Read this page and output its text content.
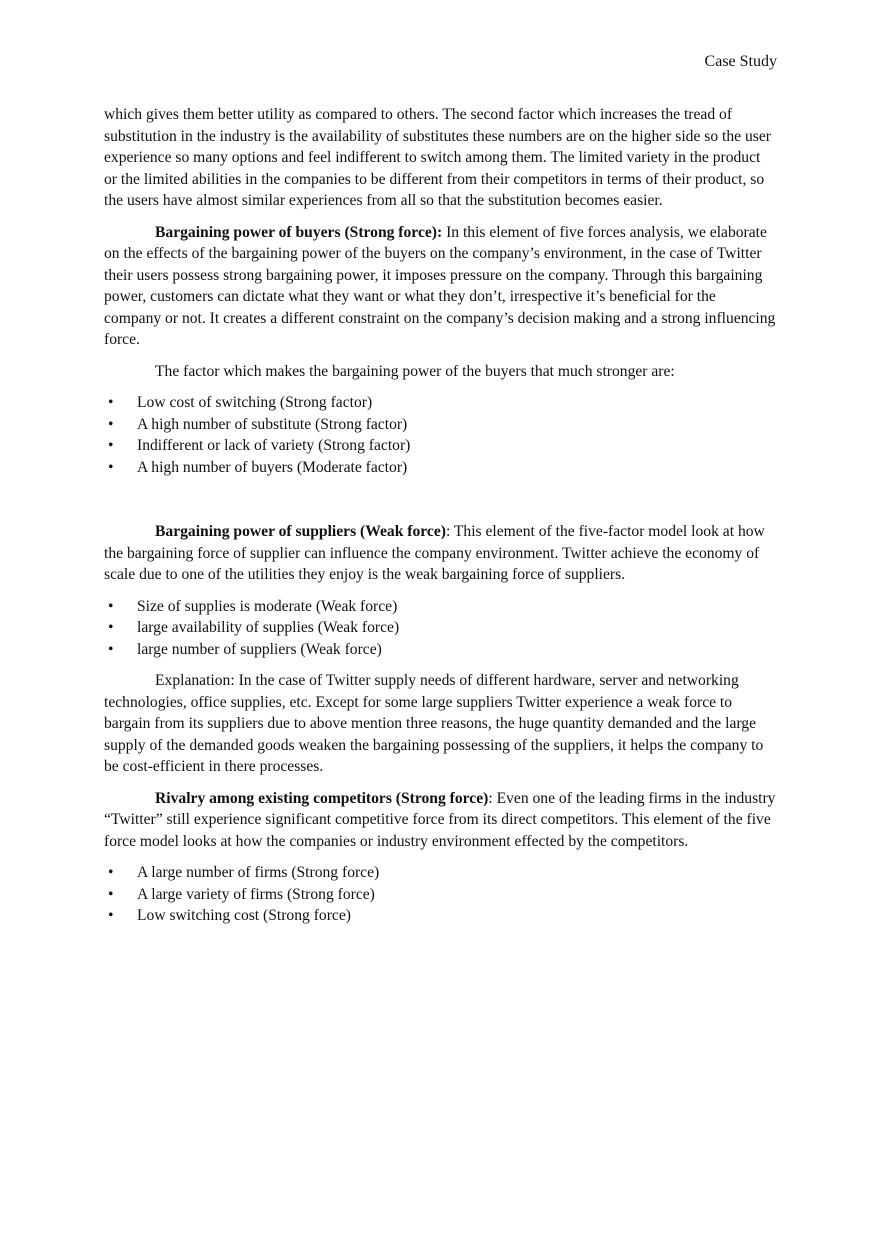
Case Study

which gives them better utility as compared to others. The second factor which increases the tread of substitution in the industry is the availability of substitutes these numbers are on the higher side so the user experience so many options and feel indifferent to switch among them. The limited variety in the product or the limited abilities in the companies to be different from their competitors in terms of their product, so the users have almost similar experiences from all so that the substitution becomes easier.

Bargaining power of buyers (Strong force): In this element of five forces analysis, we elaborate on the effects of the bargaining power of the buyers on the company’s environment, in the case of Twitter their users possess strong bargaining power, it imposes pressure on the company. Through this bargaining power, customers can dictate what they want or what they don’t, irrespective it’s beneficial for the company or not. It creates a different constraint on the company’s decision making and a strong influencing force.

The factor which makes the bargaining power of the buyers that much stronger are:

• Low cost of switching (Strong factor)
• A high number of substitute (Strong factor)
• Indifferent or lack of variety (Strong factor)
• A high number of buyers (Moderate factor)

Bargaining power of suppliers (Weak force): This element of the five-factor model look at how the bargaining force of supplier can influence the company environment. Twitter achieve the economy of scale due to one of the utilities they enjoy is the weak bargaining force of suppliers.

• Size of supplies is moderate (Weak force)
• large availability of supplies (Weak force)
• large number of suppliers (Weak force)

Explanation: In the case of Twitter supply needs of different hardware, server and networking technologies, office supplies, etc. Except for some large suppliers Twitter experience a weak force to bargain from its suppliers due to above mention three reasons, the huge quantity demanded and the large supply of the demanded goods weaken the bargaining possessing of the suppliers, it helps the company to be cost-efficient in there processes.

Rivalry among existing competitors (Strong force): Even one of the leading firms in the industry “Twitter” still experience significant competitive force from its direct competitors. This element of the five force model looks at how the companies or industry environment effected by the competitors.

• A large number of firms (Strong force)
• A large variety of firms (Strong force)
• Low switching cost (Strong force)
